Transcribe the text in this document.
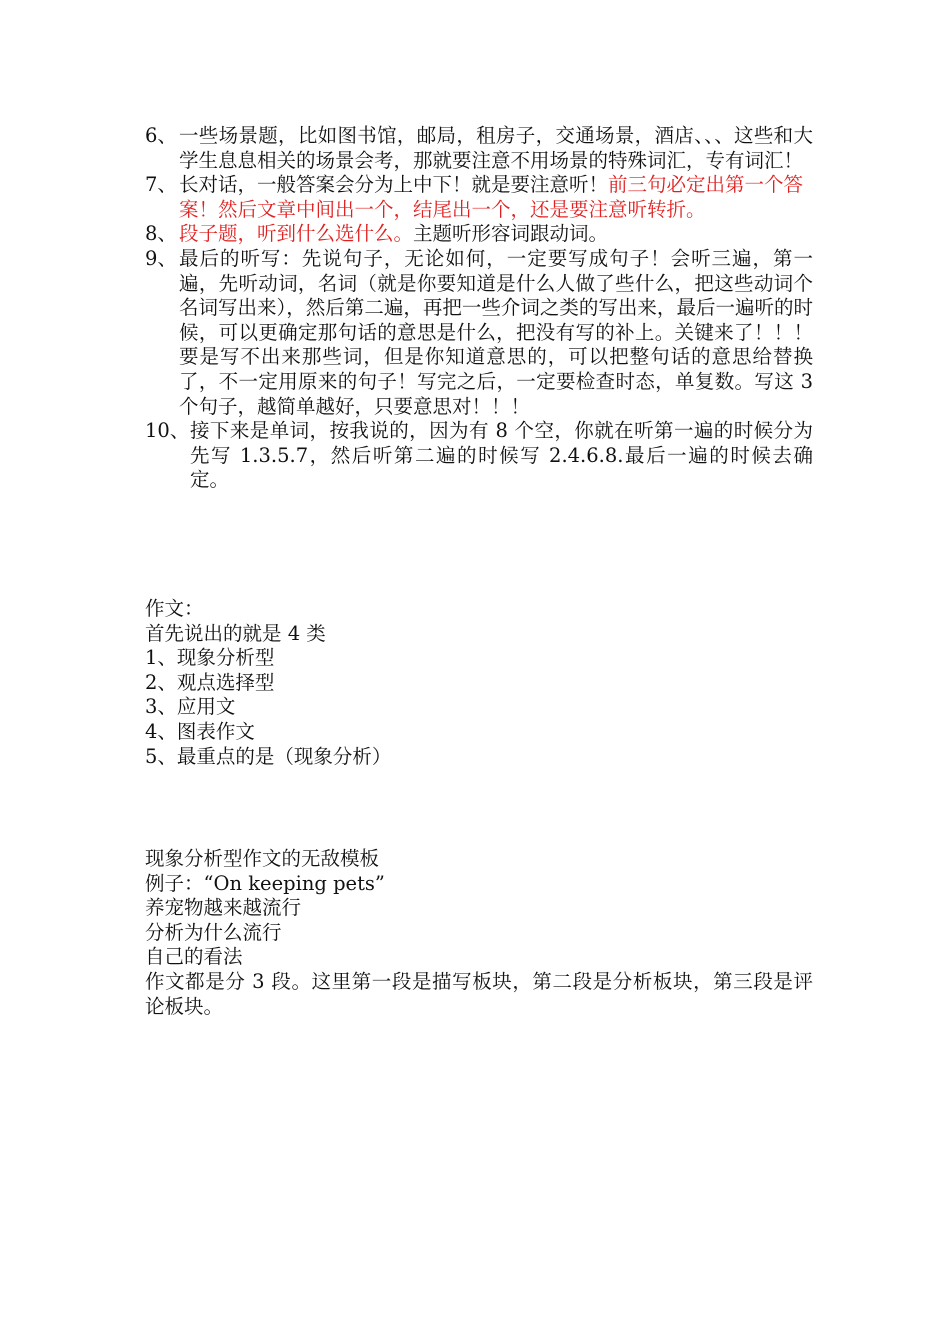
6、 一些场景题，比如图书馆，邮局，租房子，交通场景，酒店、、、这些和大学生息息相关的场景会考，那就要注意不用场景的特殊词汇，专有词汇！
7、 长对话，一般答案会分为上中下！就是要注意听！前三句必定出第一个答案！然后文章中间出一个，结尾出一个，还是要注意听转折。
8、 段子题，听到什么选什么。主题听形容词跟动词。
9、 最后的听写：先说句子，无论如何，一定要写成句子！会听三遍，第一遍，先听动词，名词（就是你要知道是什么人做了些什么，把这些动词个名词写出来），然后第二遍，再把一些介词之类的写出来，最后一遍听的时候，可以更确定那句话的意思是什么，把没有写的补上。关键来了！！！要是写不出来那些词，但是你知道意思的，可以把整句话的意思给替换了，不一定用原来的句子！写完之后，一定要检查时态，单复数。写这 3 个句子，越简单越好，只要意思对！！！
10、 接下来是单词，按我说的，因为有 8 个空，你就在听第一遍的时候分为先写 1.3.5.7，然后听第二遍的时候写 2.4.6.8.最后一遍的时候去确定。
作文：
首先说出的就是 4 类
1、现象分析型
2、观点选择型
3、应用文
4、图表作文
5、最重点的是（现象分析）
现象分析型作文的无敌模板
例子：“On keeping pets”
养宠物越来越流行
分析为什么流行
自己的看法
作文都是分 3 段。这里第一段是描写板块，第二段是分析板块，第三段是评论板块。
